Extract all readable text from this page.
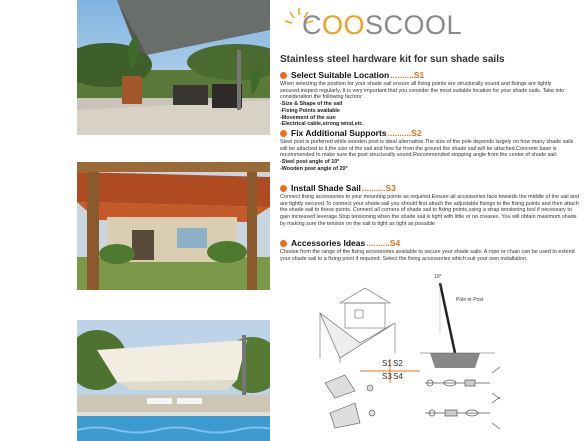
COOSCOOL
Stainless steel hardware kit for sun shade sails
Select Suitable Location ..........S1
When selecting the position for your shade sail ensure all fixing points are structurally sound and fixings are tightly secured,inspect regularly. It is very important that you consider the most suitable location for your shade sails. Take into consideration the following factors:
-Size & Shape of the sail
-Fixing Points available
-Movement of the sun
-Electrical cable,strong wind,etc.
Fix Additional Supports ..........S2
Steel post is preferred while wooden post is ideal alternative.The size of the pole depends largely on how many shade sails will be attached to it,the size of the sail and how far from the ground the shade sail will be attached.Concrete base is recommended to make sure the post structurally sound.Recommended stopping angle from the center of shade sail:
-Steel post angle of 10°
-Wooden post angle of 20°
Install Shade Sail ..........S3
Connect fixing accessories to your mounting points as required.Ensure all accessories face towards the middle of the sail and are tightly secured.To connect your shade sail you should first attach the adjustable fixings to the fixing points and then attach the shade sail to these points. Connect all corners of shade sail to fixing points,using a strap tensioning tool if necessary to gain increased leverage.Stop tensioning when the shade sail is tight with little or no creases. You will obtain maximum shade by making sure the tension on the sail is tight as tight as possible
Accessories Ideas ..........S4
Choose from the range of the fixing accessories available to secure your shade sails. A rope or chain can be used to extend your shade sail to a fixing point if required. Select the fixing accessories which suit your own installation.
S1 S2
S3 S4
10°
Pole or Post
